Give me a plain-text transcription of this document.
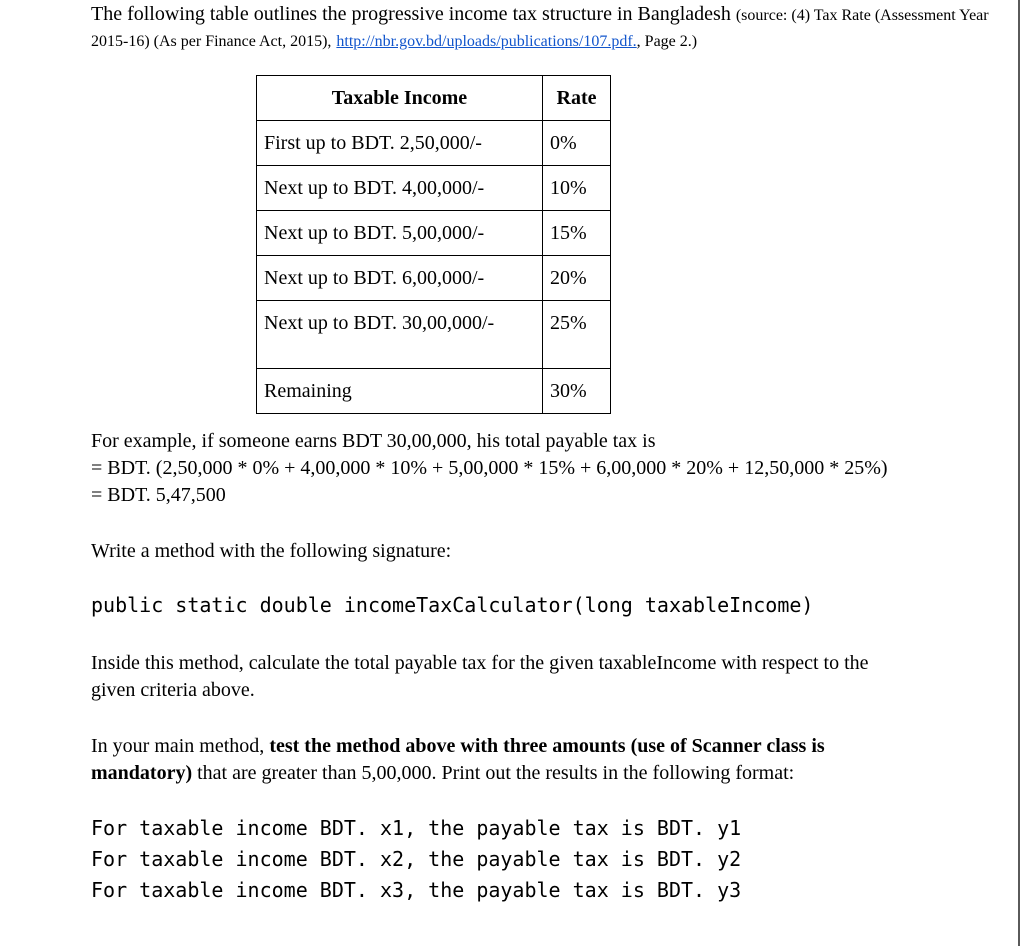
The following table outlines the progressive income tax structure in Bangladesh (source: (4) Tax Rate (Assessment Year 2015-16) (As per Finance Act, 2015), http://nbr.gov.bd/uploads/publications/107.pdf., Page 2.)

Taxable Income	Rate
First up to BDT. 2,50,000/-	0%
Next up to BDT. 4,00,000/-	10%
Next up to BDT. 5,00,000/-	15%
Next up to BDT. 6,00,000/-	20%
Next up to BDT. 30,00,000/-	25%
Remaining	30%
For example, if someone earns BDT 30,00,000, his total payable tax is
= BDT. (2,50,000 * 0% + 4,00,000 * 10% + 5,00,000 * 15% + 6,00,000 * 20% + 12,50,000 * 25%)
= BDT. 5,47,500

Write a method with the following signature:

public static double incomeTaxCalculator(long taxableIncome)

Inside this method, calculate the total payable tax for the given taxableIncome with respect to the given criteria above.

In your main method, test the method above with three amounts (use of Scanner class is mandatory) that are greater than 5,00,000. Print out the results in the following format:

For taxable income BDT. x1, the payable tax is BDT. y1
For taxable income BDT. x2, the payable tax is BDT. y2
For taxable income BDT. x3, the payable tax is BDT. y3
